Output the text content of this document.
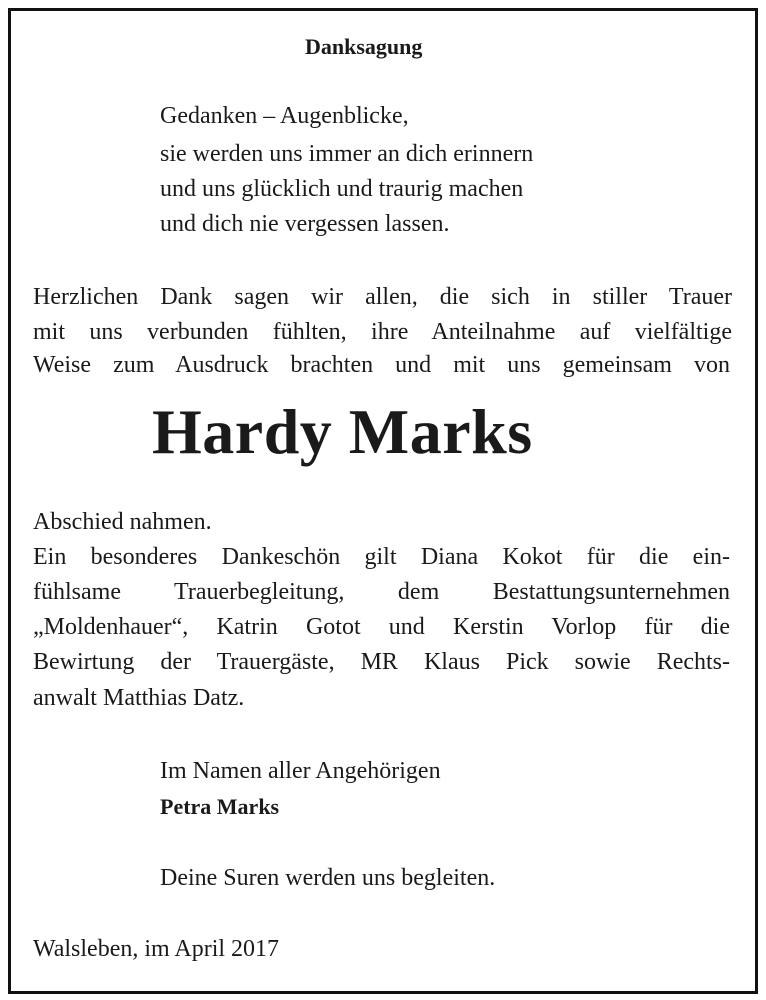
Danksagung
Gedanken – Augenblicke,
sie werden uns immer an dich erinnern
und uns glücklich und traurig machen
und dich nie vergessen lassen.
Herzlichen Dank sagen wir allen, die sich in stiller Trauer
mit uns verbunden fühlten, ihre Anteilnahme auf vielfältige
Weise zum Ausdruck brachten und mit uns gemeinsam von
Hardy Marks
Abschied nahmen.
Ein besonderes Dankeschön gilt Diana Kokot für die ein-
fühlsame Trauerbegleitung, dem Bestattungsunternehmen
„Moldenhauer“, Katrin Gotot und Kerstin Vorlop für die
Bewirtung der Trauergäste, MR Klaus Pick sowie Rechts-
anwalt Matthias Datz.
Im Namen aller Angehörigen
Petra Marks
Deine Suren werden uns begleiten.
Walsleben, im April 2017
